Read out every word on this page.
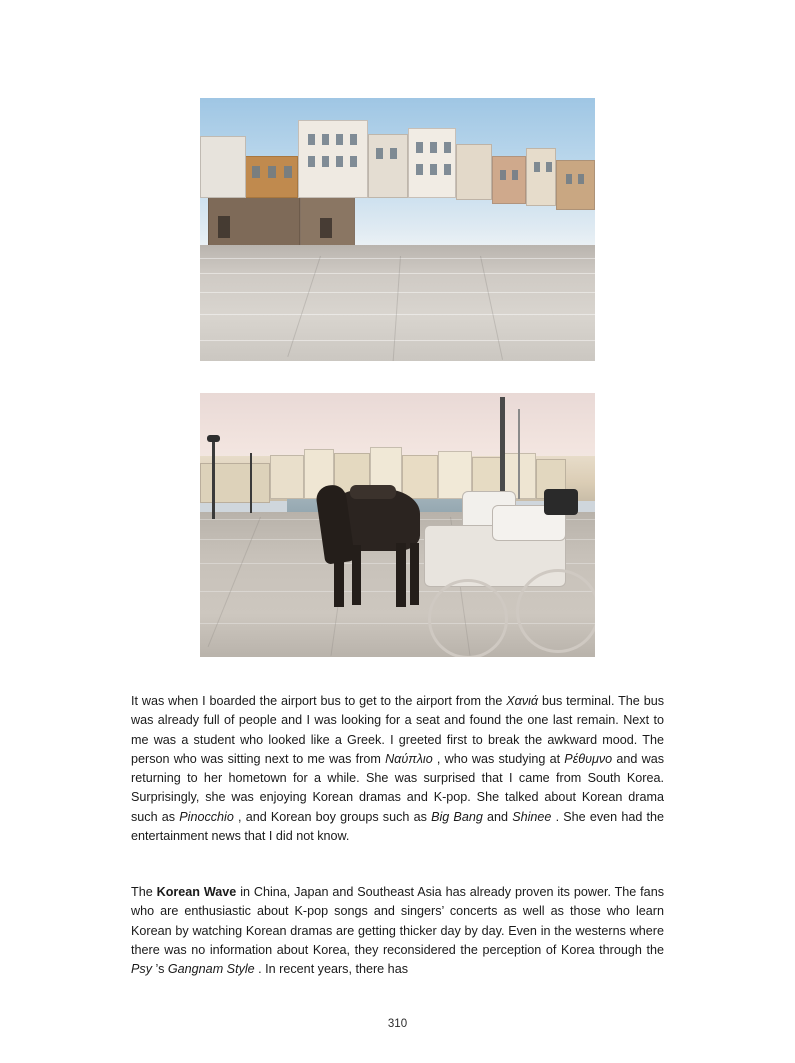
It was when I boarded the airport bus to get to the airport from the Χανιά bus terminal. The bus was already full of people and I was looking for a seat and found the one last remain. Next to me was a student who looked like a Greek. I greeted first to break the awkward mood. The person who was sitting next to me was from Ναύπλιο , who was studying at Ρέθυμνο and was returning to her hometown for a while. She was surprised that I came from South Korea. Surprisingly, she was enjoying Korean dramas and K-pop. She talked about Korean drama such as Pinocchio , and Korean boy groups such as Big Bang and Shinee . She even had the entertainment news that I did not know.
The Korean Wave in China, Japan and Southeast Asia has already proven its power. The fans who are enthusiastic about K-pop songs and singers’ concerts as well as those who learn Korean by watching Korean dramas are getting thicker day by day. Even in the westerns where there was no information about Korea, they reconsidered the perception of Korea through the Psy ’s Gangnam Style . In recent years, there has
310
